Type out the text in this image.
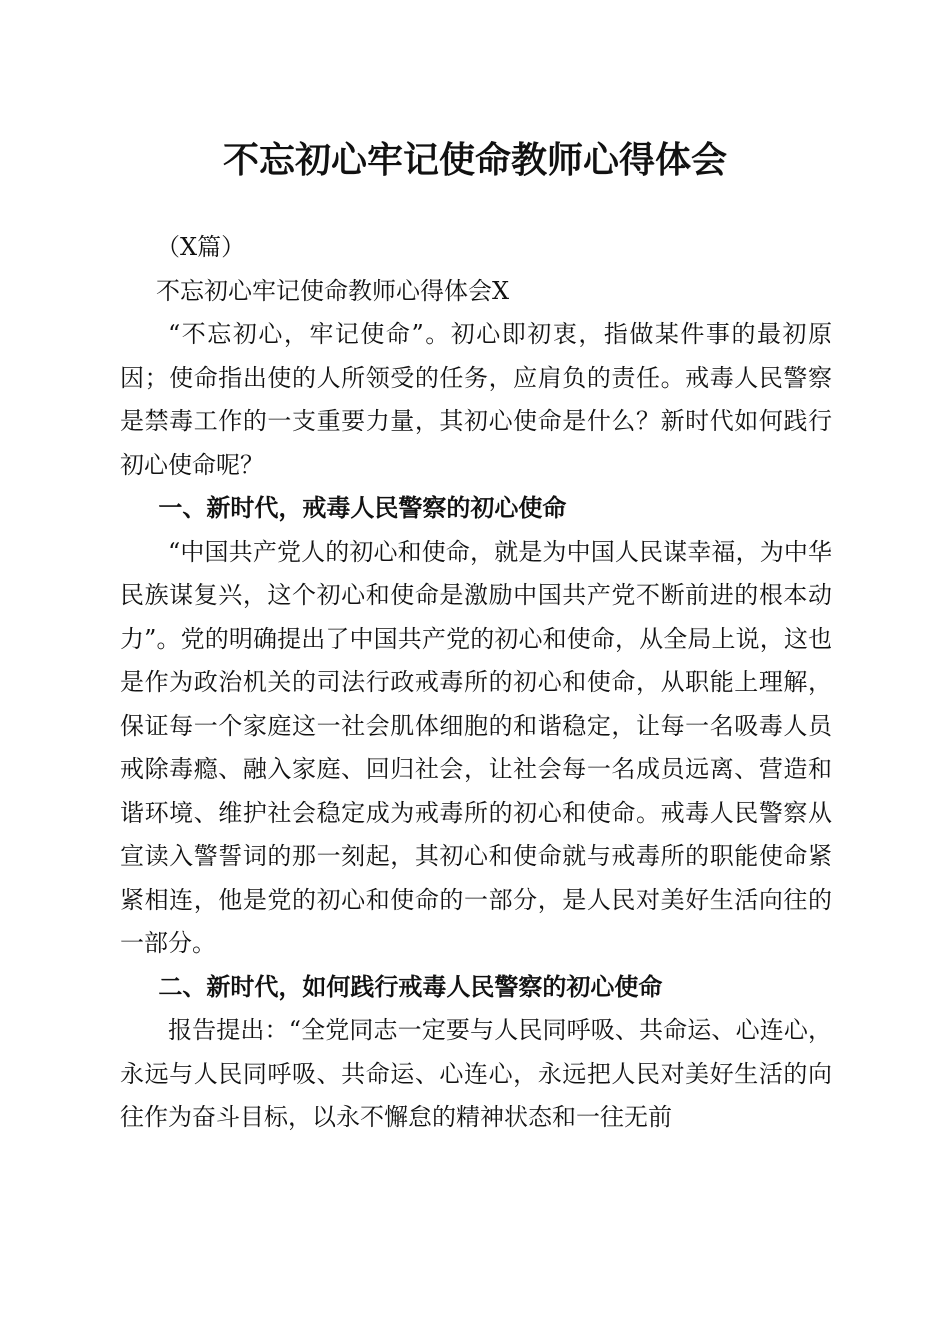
不忘初心牢记使命教师心得体会

（X篇）

不忘初心牢记使命教师心得体会X

“不忘初心，牢记使命”。初心即初衷，指做某件事的最初原因；使命指出使的人所领受的任务，应肩负的责任。戒毒人民警察是禁毒工作的一支重要力量，其初心使命是什么？新时代如何践行初心使命呢？

一、新时代，戒毒人民警察的初心使命

“中国共产党人的初心和使命，就是为中国人民谋幸福，为中华民族谋复兴，这个初心和使命是激励中国共产党不断前进的根本动力”。党的明确提出了中国共产党的初心和使命，从全局上说，这也是作为政治机关的司法行政戒毒所的初心和使命，从职能上理解，保证每一个家庭这一社会肌体细胞的和谐稳定，让每一名吸毒人员戒除毒瘾、融入家庭、回归社会，让社会每一名成员远离、营造和谐环境、维护社会稳定成为戒毒所的初心和使命。戒毒人民警察从宣读入警誓词的那一刻起，其初心和使命就与戒毒所的职能使命紧紧相连，他是党的初心和使命的一部分，是人民对美好生活向往的一部分。

二、新时代，如何践行戒毒人民警察的初心使命

报告提出：“全党同志一定要与人民同呼吸、共命运、心连心，永远与人民同呼吸、共命运、心连心，永远把人民对美好生活的向往作为奋斗目标，以永不懈怠的精神状态和一往无前
